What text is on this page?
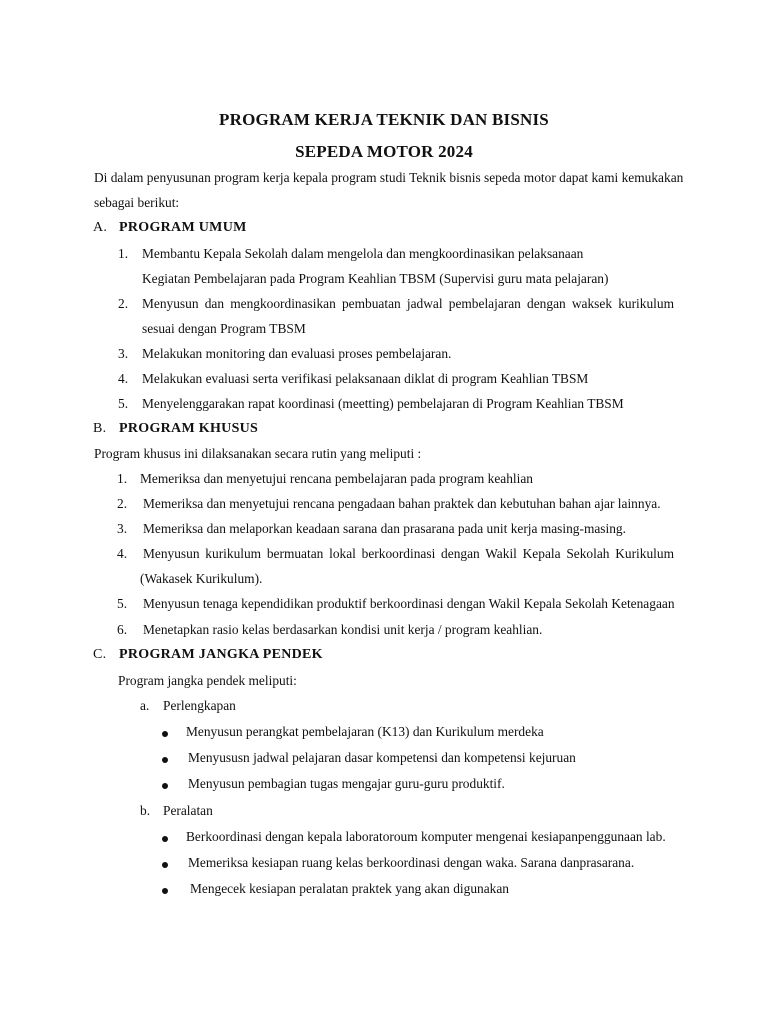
PROGRAM KERJA TEKNIK DAN BISNIS
SEPEDA MOTOR 2024
Di dalam penyusunan program kerja kepala program studi Teknik bisnis sepeda motor dapat kami kemukakan
sebagai berikut:
A. PROGRAM UMUM
1. Membantu Kepala Sekolah dalam mengelola dan mengkoordinasikan pelaksanaan
Kegiatan Pembelajaran pada Program Keahlian TBSM (Supervisi guru mata pelajaran)
2. Menyusun dan mengkoordinasikan pembuatan jadwal pembelajaran dengan waksek kurikulum
sesuai dengan Program TBSM
3. Melakukan monitoring dan evaluasi proses pembelajaran.
4. Melakukan evaluasi serta verifikasi pelaksanaan diklat di program Keahlian TBSM
5. Menyelenggarakan rapat koordinasi (meetting) pembelajaran di Program Keahlian TBSM
B. PROGRAM KHUSUS
Program khusus ini dilaksanakan secara rutin yang meliputi :
1. Memeriksa dan menyetujui rencana pembelajaran pada program keahlian
2. Memeriksa dan menyetujui rencana pengadaan bahan praktek dan kebutuhan bahan ajar lainnya.
3. Memeriksa dan melaporkan keadaan sarana dan prasarana pada unit kerja masing-masing.
4. Menyusun kurikulum bermuatan lokal berkoordinasi dengan Wakil Kepala Sekolah Kurikulum
(Wakasek Kurikulum).
5. Menyusun tenaga kependidikan produktif berkoordinasi dengan Wakil Kepala Sekolah Ketenagaan
6. Menetapkan rasio kelas berdasarkan kondisi unit kerja / program keahlian.
C. PROGRAM JANGKA PENDEK
Program jangka pendek meliputi:
a. Perlengkapan
Menyusun perangkat pembelajaran (K13) dan Kurikulum merdeka
Menyususn jadwal pelajaran dasar kompetensi dan kompetensi kejuruan
Menyusun pembagian tugas mengajar guru-guru produktif.
b. Peralatan
Berkoordinasi dengan kepala laboratoroum komputer mengenai kesiapanpenggunaan lab.
Memeriksa kesiapan ruang kelas berkoordinasi dengan waka. Sarana danprasarana.
Mengecek kesiapan peralatan praktek yang akan digunakan
